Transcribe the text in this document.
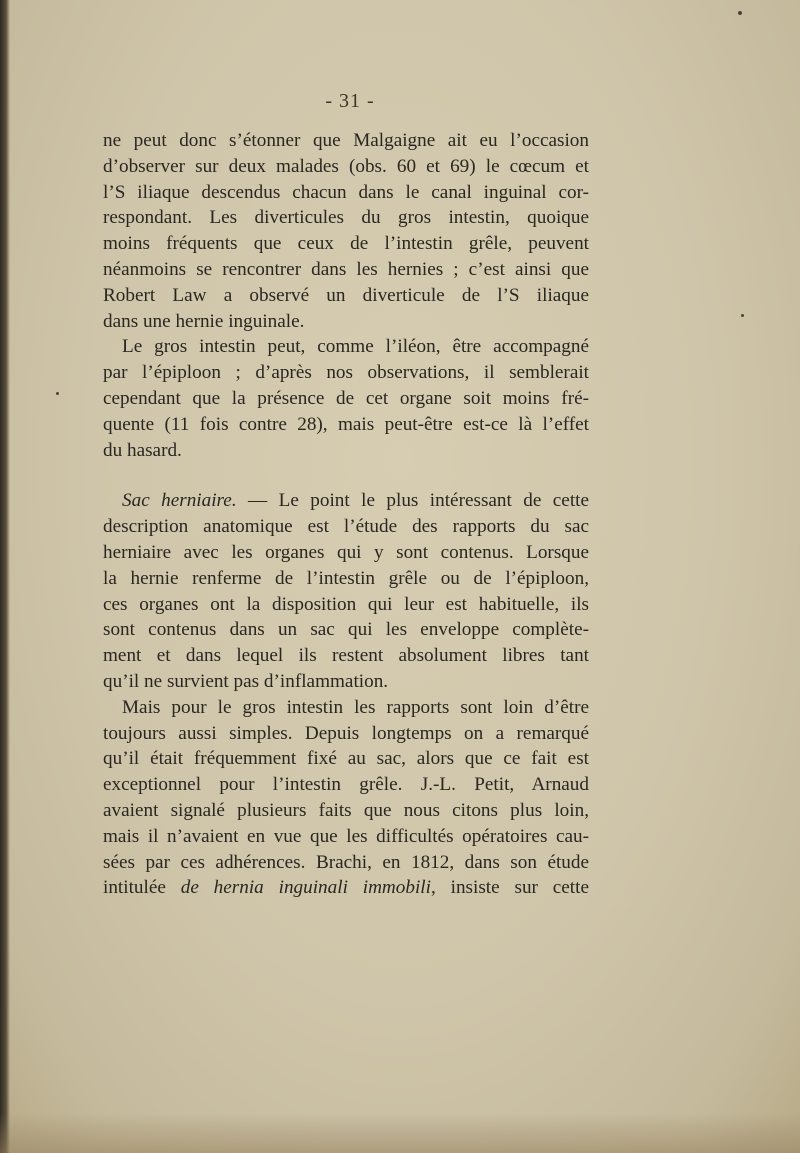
- 31 -
ne peut donc s’étonner que Malgaigne ait eu l’occasion
d’observer sur deux malades (obs. 60 et 69) le cœcum et
l’S iliaque descendus chacun dans le canal inguinal cor-
respondant. Les diverticules du gros intestin, quoique
moins fréquents que ceux de l’intestin grêle, peuvent
néanmoins se rencontrer dans les hernies ; c’est ainsi que
Robert Law a observé un diverticule de l’S iliaque
dans une hernie inguinale.
Le gros intestin peut, comme l’iléon, être accompagné
par l’épiploon ; d’après nos observations, il semblerait
cependant que la présence de cet organe soit moins fré-
quente (11 fois contre 28), mais peut-être est-ce là l’effet
du hasard.
Sac herniaire. — Le point le plus intéressant de cette
description anatomique est l’étude des rapports du sac
herniaire avec les organes qui y sont contenus. Lorsque
la hernie renferme de l’intestin grêle ou de l’épiploon,
ces organes ont la disposition qui leur est habituelle, ils
sont contenus dans un sac qui les enveloppe complète-
ment et dans lequel ils restent absolument libres tant
qu’il ne survient pas d’inflammation.
Mais pour le gros intestin les rapports sont loin d’être
toujours aussi simples. Depuis longtemps on a remarqué
qu’il était fréquemment fixé au sac, alors que ce fait est
exceptionnel pour l’intestin grêle. J.-L. Petit, Arnaud
avaient signalé plusieurs faits que nous citons plus loin,
mais il n’avaient en vue que les difficultés opératoires cau-
sées par ces adhérences. Brachi, en 1812, dans son étude
intitulée de hernia inguinali immobili, insiste sur cette
